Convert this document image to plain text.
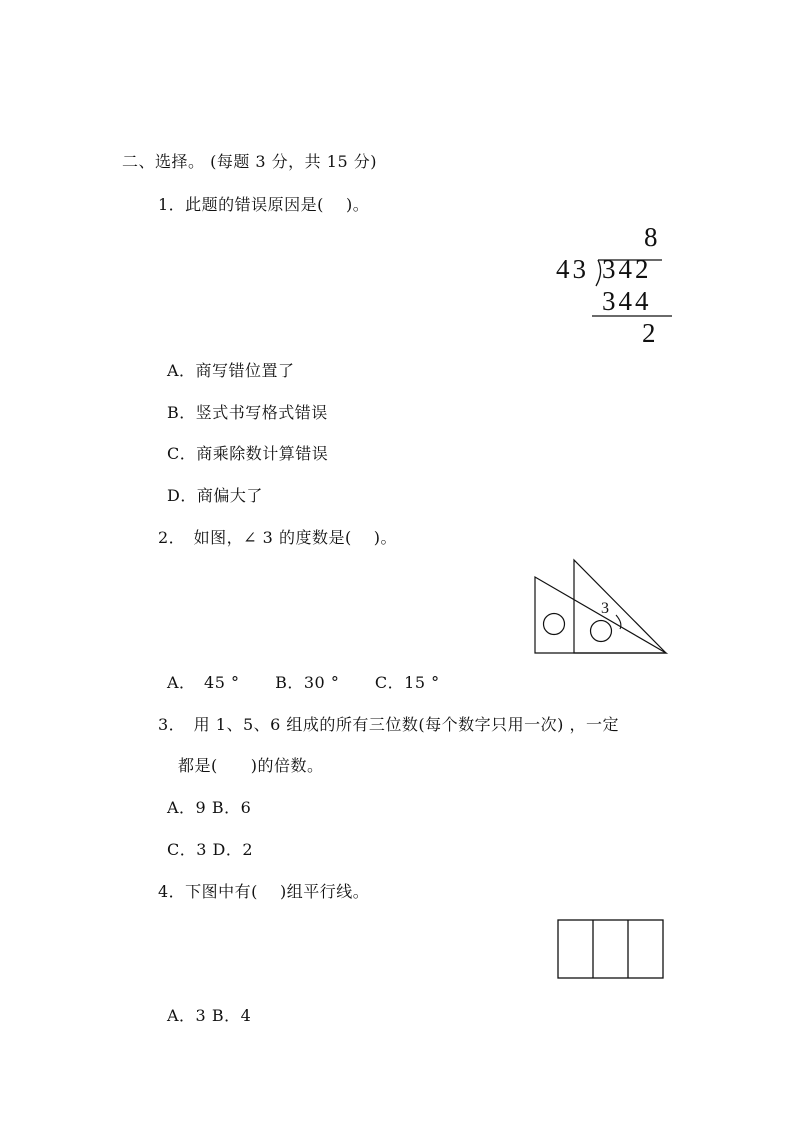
二、选择。 (每题 3 分，共 15 分)
1．此题的错误原因是(　 )。
8
43 342
344
2
A．商写错位置了
B．竖式书写格式错误
C．商乘除数计算错误
D．商偏大了
2．　如图，∠ 3 的度数是(　 )。
3
A．　45 ° B．30 ° C．15 °
3．　用 1、5、6 组成的所有三位数(每个数字只用一次) ，一定
都是(　　)的倍数。
A．9 B．6
C．3 D．2
4．下图中有(　 )组平行线。
A．3 B．4
